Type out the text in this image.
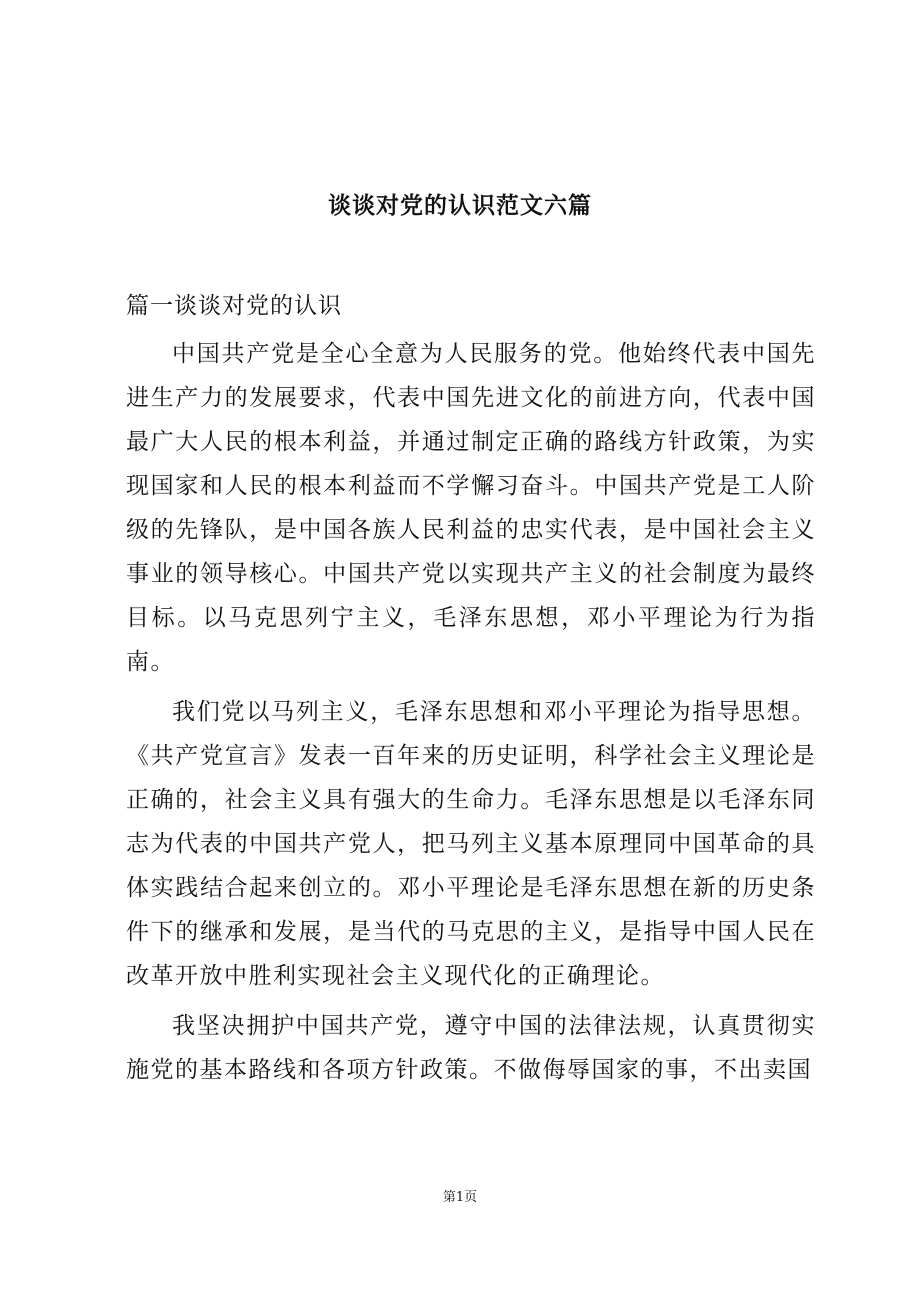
谈谈对党的认识范文六篇
篇一谈谈对党的认识

中国共产党是全心全意为人民服务的党。他始终代表中国先进生产力的发展要求，代表中国先进文化的前进方向，代表中国最广大人民的根本利益，并通过制定正确的路线方针政策，为实现国家和人民的根本利益而不学懈习奋斗。中国共产党是工人阶级的先锋队，是中国各族人民利益的忠实代表，是中国社会主义事业的领导核心。中国共产党以实现共产主义的社会制度为最终目标。以马克思列宁主义，毛泽东思想，邓小平理论为行为指南。

我们党以马列主义，毛泽东思想和邓小平理论为指导思想。《共产党宣言》发表一百年来的历史证明，科学社会主义理论是正确的，社会主义具有强大的生命力。毛泽东思想是以毛泽东同志为代表的中国共产党人，把马列主义基本原理同中国革命的具体实践结合起来创立的。邓小平理论是毛泽东思想在新的历史条件下的继承和发展，是当代的马克思的主义，是指导中国人民在改革开放中胜利实现社会主义现代化的正确理论。

我坚决拥护中国共产党，遵守中国的法律法规，认真贯彻实施党的基本路线和各项方针政策。不做侮辱国家的事，不出卖国

第1页
